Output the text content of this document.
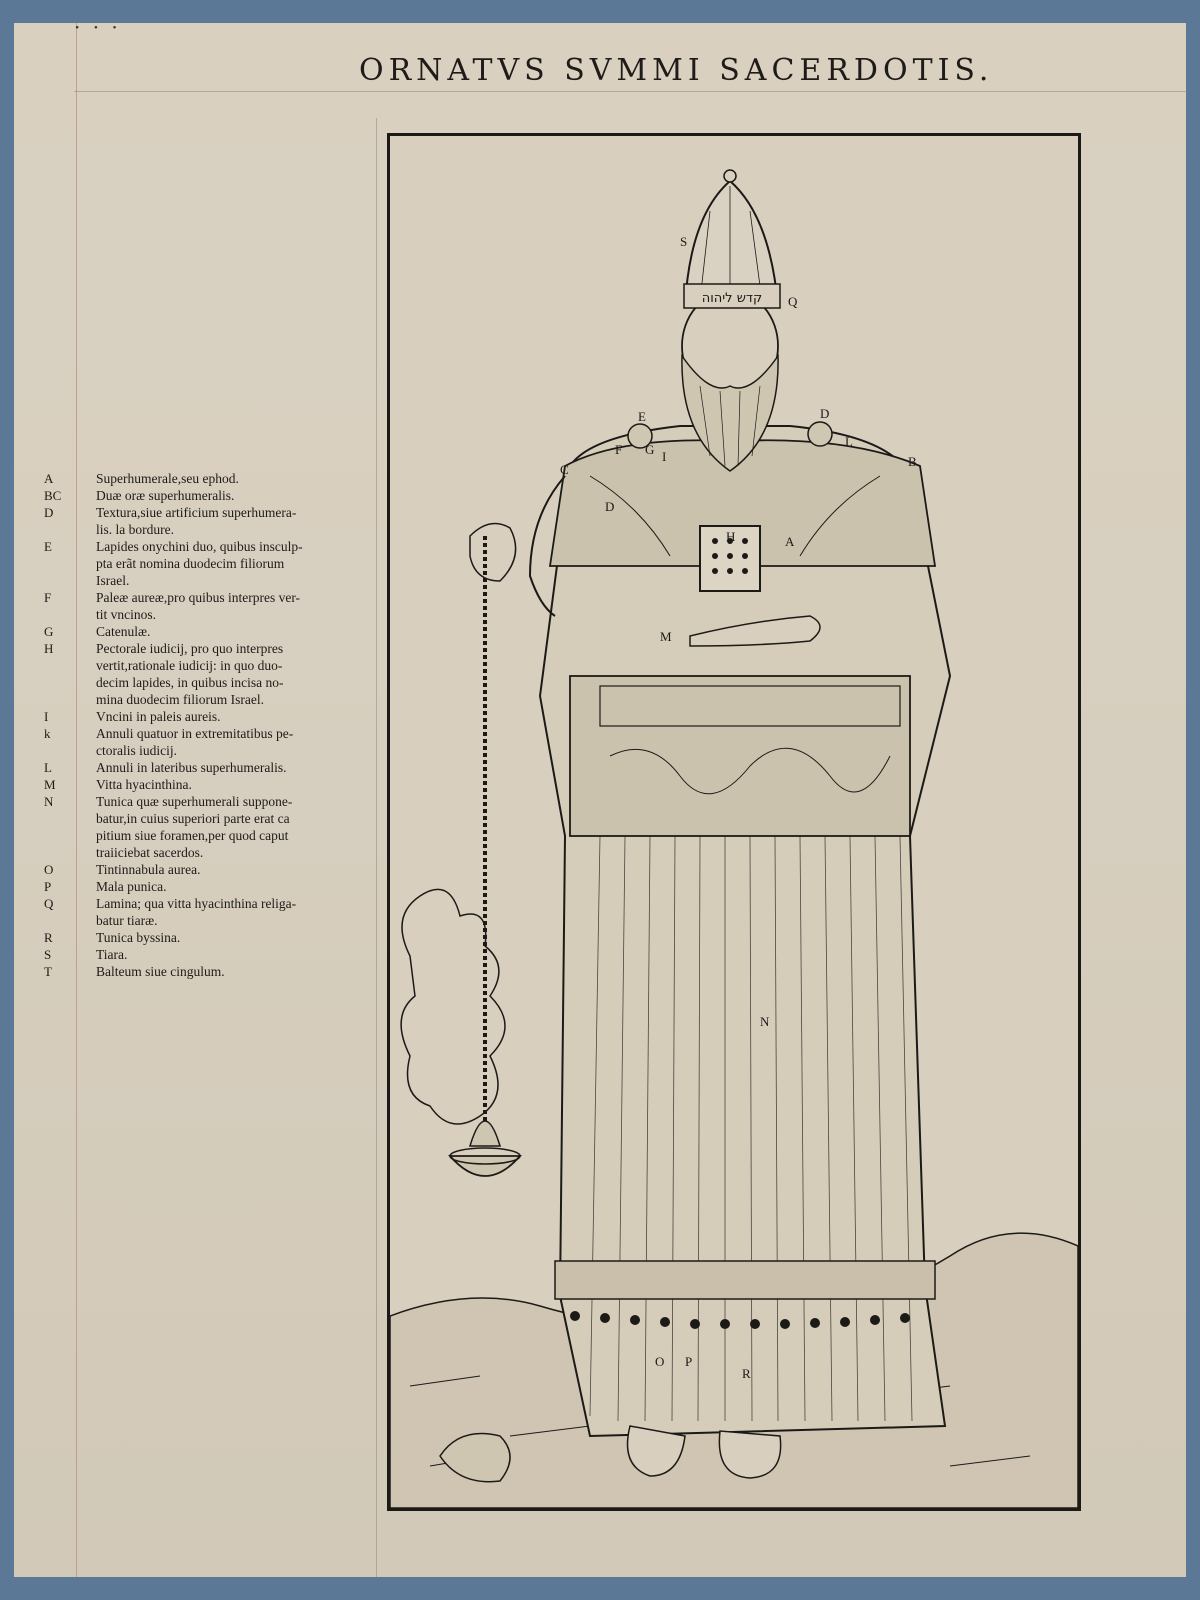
· · ·
ORNATVS SVMMI SACERDOTIS.
A	Superhumerale,seu ephod.
BC	Duæ oræ superhumeralis.
D	Textura,siue artificium superhumera-
lis. la bordure.
E	Lapides onychini duo, quibus insculp-
pta erãt nomina duodecim filiorum
Israel.
F	Paleæ aureæ,pro quibus interpres ver-
tit vncinos.
G	Catenulæ.
H	Pectorale iudicij, pro quo interpres
vertit,rationale iudicij: in quo duo-
decim lapides, in quibus incisa no-
mina duodecim filiorum Israel.
I	Vncini in paleis aureis.
k	Annuli quatuor in extremitatibus pe-
ctoralis iudicij.
L	Annuli in lateribus superhumeralis.
M	Vitta hyacinthina.
N	Tunica quæ superhumerali suppone-
batur,in cuius superiori parte erat ca
pitium siue foramen,per quod caput
traiiciebat sacerdos.
O	Tintinnabula aurea.
P	Mala punica.
Q	Lamina; qua vitta hyacinthina religa-
batur tiaræ.
R	Tunica byssina.
S	Tiara.
T	Balteum siue cingulum.
קדש ליהוה
S
Q
E	D
F G I
L
C
B
D
A
H
M
N
O P
R
